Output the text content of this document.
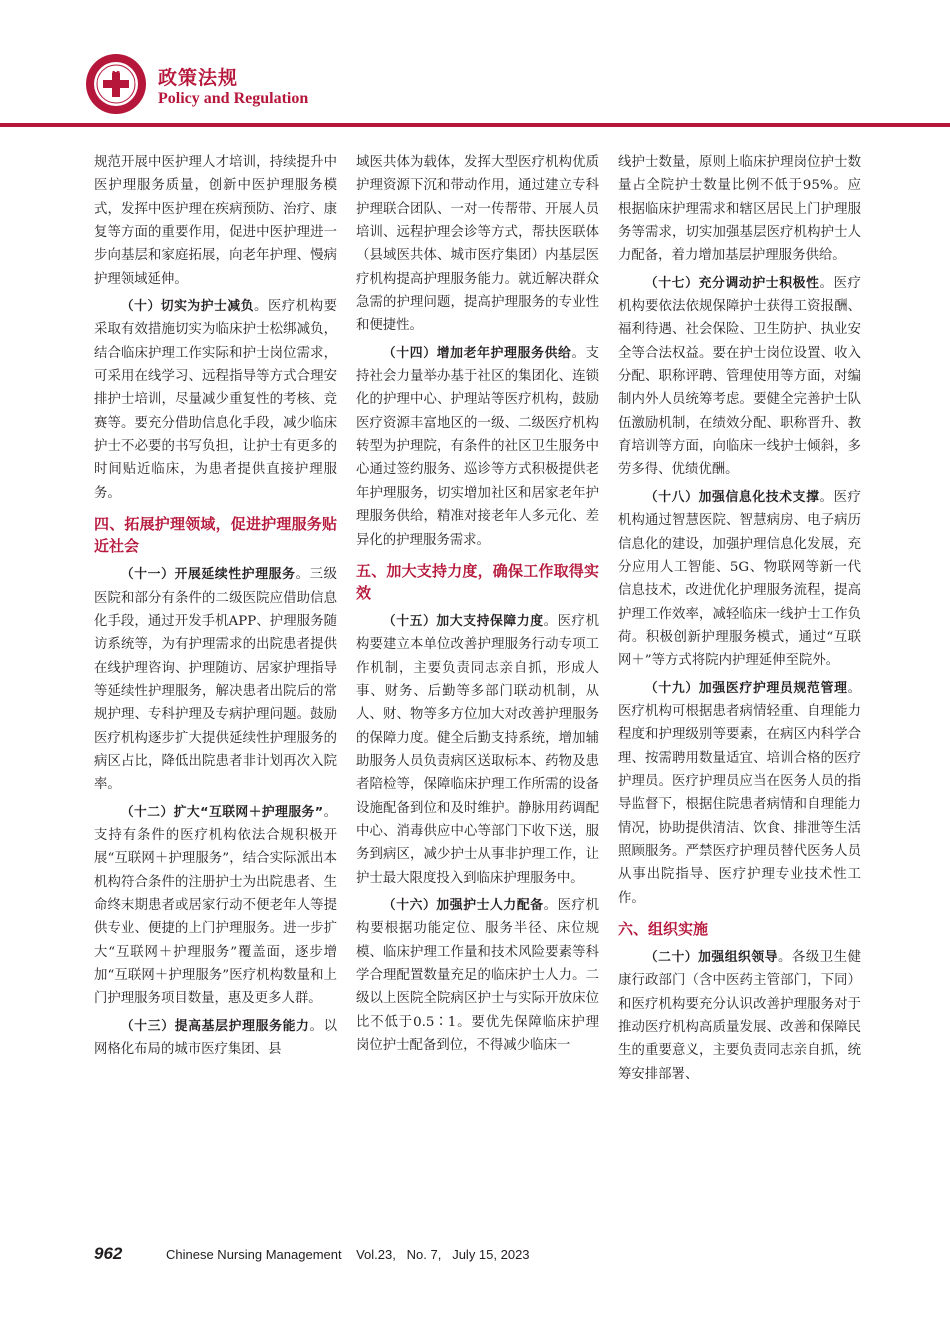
政策法规
Policy and Regulation

规范开展中医护理人才培训，持续提升中医护理服务质量，创新中医护理服务模式，发挥中医护理在疾病预防、治疗、康复等方面的重要作用，促进中医护理进一步向基层和家庭拓展，向老年护理、慢病护理领域延伸。

（十）切实为护士减负。医疗机构要采取有效措施切实为临床护士松绑减负，结合临床护理工作实际和护士岗位需求，可采用在线学习、远程指导等方式合理安排护士培训，尽量减少重复性的考核、竞赛等。要充分借助信息化手段，减少临床护士不必要的书写负担，让护士有更多的时间贴近临床，为患者提供直接护理服务。

四、拓展护理领域，促进护理服务贴近社会

（十一）开展延续性护理服务。三级医院和部分有条件的二级医院应借助信息化手段，通过开发手机APP、护理服务随访系统等，为有护理需求的出院患者提供在线护理咨询、护理随访、居家护理指导等延续性护理服务，解决患者出院后的常规护理、专科护理及专病护理问题。鼓励医疗机构逐步扩大提供延续性护理服务的病区占比，降低出院患者非计划再次入院率。

（十二）扩大“互联网＋护理服务”。支持有条件的医疗机构依法合规积极开展“互联网＋护理服务”，结合实际派出本机构符合条件的注册护士为出院患者、生命终末期患者或居家行动不便老年人等提供专业、便捷的上门护理服务。进一步扩大“互联网＋护理服务”覆盖面，逐步增加“互联网＋护理服务”医疗机构数量和上门护理服务项目数量，惠及更多人群。

（十三）提高基层护理服务能力。以网格化布局的城市医疗集团、县

域医共体为载体，发挥大型医疗机构优质护理资源下沉和带动作用，通过建立专科护理联合团队、一对一传帮带、开展人员培训、远程护理会诊等方式，帮扶医联体（县域医共体、城市医疗集团）内基层医疗机构提高护理服务能力。就近解决群众急需的护理问题，提高护理服务的专业性和便捷性。

（十四）增加老年护理服务供给。支持社会力量举办基于社区的集团化、连锁化的护理中心、护理站等医疗机构，鼓励医疗资源丰富地区的一级、二级医疗机构转型为护理院，有条件的社区卫生服务中心通过签约服务、巡诊等方式积极提供老年护理服务，切实增加社区和居家老年护理服务供给，精准对接老年人多元化、差异化的护理服务需求。

五、加大支持力度，确保工作取得实效

（十五）加大支持保障力度。医疗机构要建立本单位改善护理服务行动专项工作机制，主要负责同志亲自抓，形成人事、财务、后勤等多部门联动机制，从人、财、物等多方位加大对改善护理服务的保障力度。健全后勤支持系统，增加辅助服务人员负责病区送取标本、药物及患者陪检等，保障临床护理工作所需的设备设施配备到位和及时维护。静脉用药调配中心、消毒供应中心等部门下收下送，服务到病区，减少护士从事非护理工作，让护士最大限度投入到临床护理服务中。

（十六）加强护士人力配备。医疗机构要根据功能定位、服务半径、床位规模、临床护理工作量和技术风险要素等科学合理配置数量充足的临床护士人力。二级以上医院全院病区护士与实际开放床位比不低于0.5∶1。要优先保障临床护理岗位护士配备到位，不得减少临床一

线护士数量，原则上临床护理岗位护士数量占全院护士数量比例不低于95%。应根据临床护理需求和辖区居民上门护理服务等需求，切实加强基层医疗机构护士人力配备，着力增加基层护理服务供给。

（十七）充分调动护士积极性。医疗机构要依法依规保障护士获得工资报酬、福利待遇、社会保险、卫生防护、执业安全等合法权益。要在护士岗位设置、收入分配、职称评聘、管理使用等方面，对编制内外人员统筹考虑。要健全完善护士队伍激励机制，在绩效分配、职称晋升、教育培训等方面，向临床一线护士倾斜，多劳多得、优绩优酬。

（十八）加强信息化技术支撑。医疗机构通过智慧医院、智慧病房、电子病历信息化的建设，加强护理信息化发展，充分应用人工智能、5G、物联网等新一代信息技术，改进优化护理服务流程，提高护理工作效率，减轻临床一线护士工作负荷。积极创新护理服务模式，通过“互联网＋”等方式将院内护理延伸至院外。

（十九）加强医疗护理员规范管理。医疗机构可根据患者病情轻重、自理能力程度和护理级别等要素，在病区内科学合理、按需聘用数量适宜、培训合格的医疗护理员。医疗护理员应当在医务人员的指导监督下，根据住院患者病情和自理能力情况，协助提供清洁、饮食、排泄等生活照顾服务。严禁医疗护理员替代医务人员从事出院指导、医疗护理专业技术性工作。

六、组织实施

（二十）加强组织领导。各级卫生健康行政部门（含中医药主管部门，下同）和医疗机构要充分认识改善护理服务对于推动医疗机构高质量发展、改善和保障民生的重要意义，主要负责同志亲自抓，统筹安排部署、

962	Chinese Nursing Management Vol.23, No. 7, July 15, 2023
